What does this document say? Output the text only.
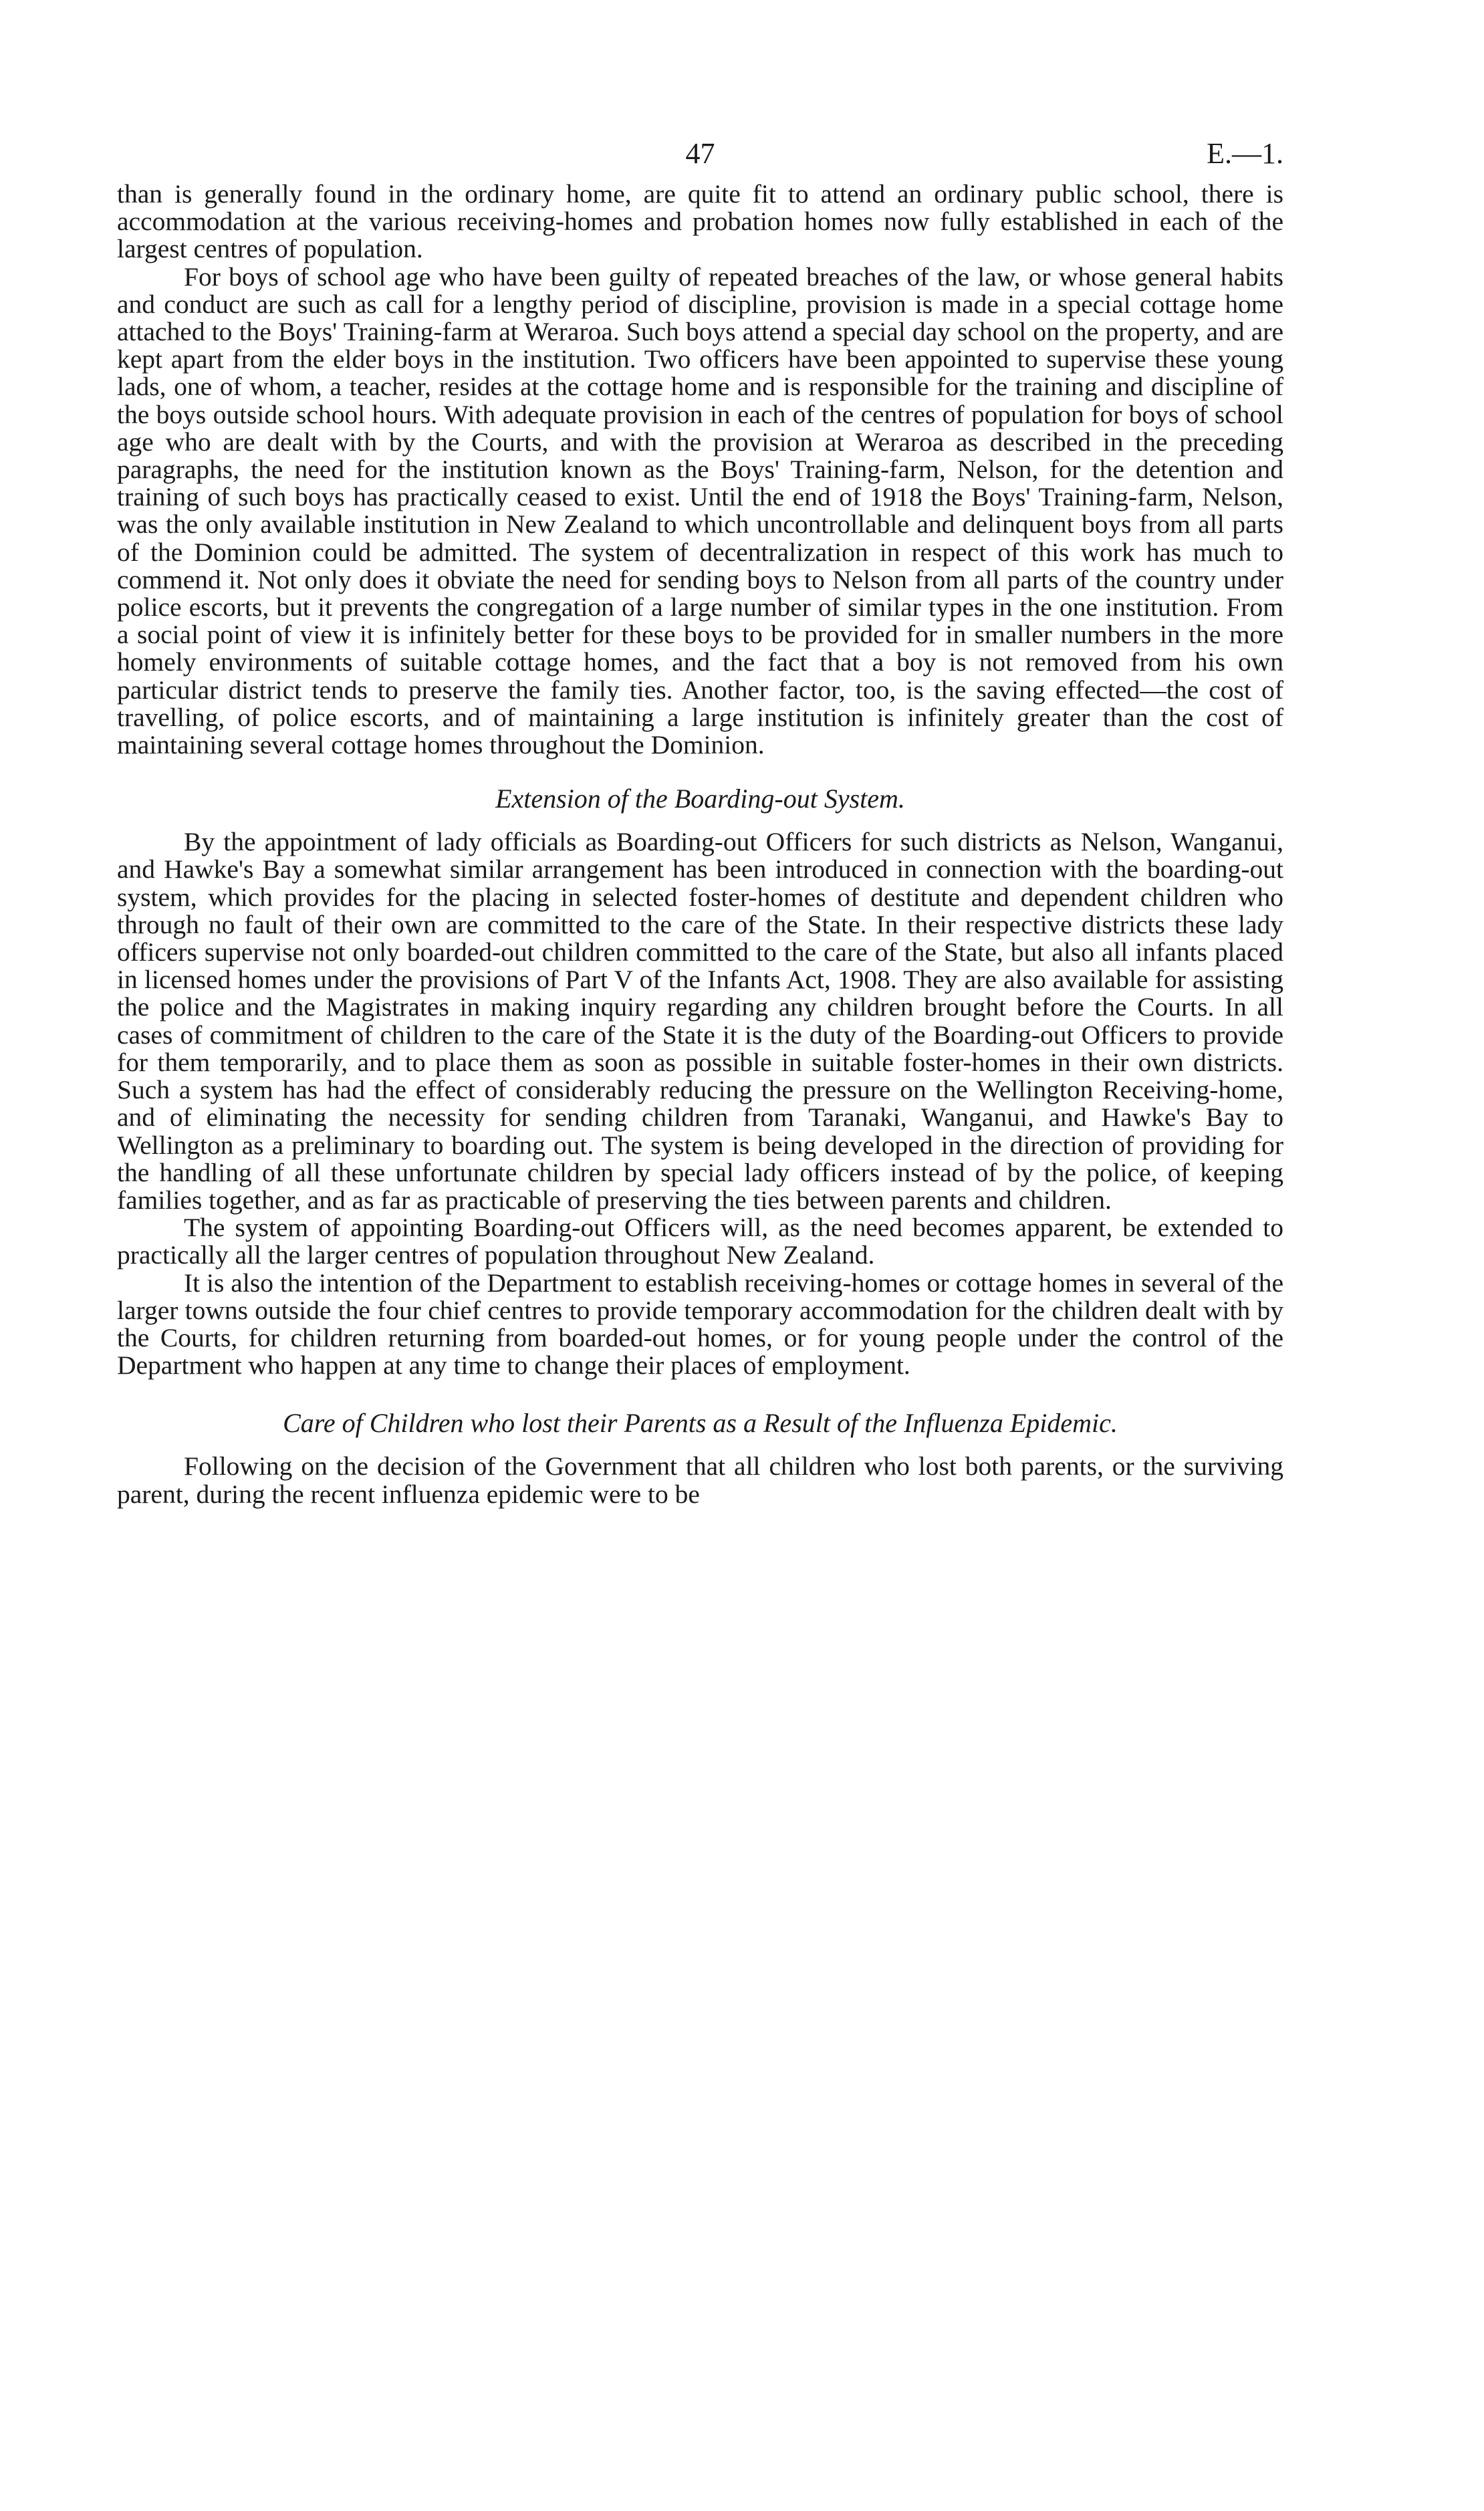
47	E.—1.

than is generally found in the ordinary home, are quite fit to attend an ordinary public school, there is accommodation at the various receiving-homes and probation homes now fully established in each of the largest centres of population.

For boys of school age who have been guilty of repeated breaches of the law, or whose general habits and conduct are such as call for a lengthy period of discipline, provision is made in a special cottage home attached to the Boys' Training-farm at Weraroa. Such boys attend a special day school on the property, and are kept apart from the elder boys in the institution. Two officers have been appointed to supervise these young lads, one of whom, a teacher, resides at the cottage home and is responsible for the training and discipline of the boys outside school hours. With adequate provision in each of the centres of population for boys of school age who are dealt with by the Courts, and with the provision at Weraroa as described in the preceding paragraphs, the need for the institution known as the Boys' Training-farm, Nelson, for the detention and training of such boys has practically ceased to exist. Until the end of 1918 the Boys' Training-farm, Nelson, was the only available institution in New Zealand to which uncontrollable and delinquent boys from all parts of the Dominion could be admitted. The system of decentralization in respect of this work has much to commend it. Not only does it obviate the need for sending boys to Nelson from all parts of the country under police escorts, but it prevents the congregation of a large number of similar types in the one institution. From a social point of view it is infinitely better for these boys to be provided for in smaller numbers in the more homely environments of suitable cottage homes, and the fact that a boy is not removed from his own particular district tends to preserve the family ties. Another factor, too, is the saving effected—the cost of travelling, of police escorts, and of maintaining a large institution is infinitely greater than the cost of maintaining several cottage homes throughout the Dominion.

Extension of the Boarding-out System.

By the appointment of lady officials as Boarding-out Officers for such districts as Nelson, Wanganui, and Hawke's Bay a somewhat similar arrangement has been introduced in connection with the boarding-out system, which provides for the placing in selected foster-homes of destitute and dependent children who through no fault of their own are committed to the care of the State. In their respective districts these lady officers supervise not only boarded-out children committed to the care of the State, but also all infants placed in licensed homes under the provisions of Part V of the Infants Act, 1908. They are also available for assisting the police and the Magistrates in making inquiry regarding any children brought before the Courts. In all cases of commitment of children to the care of the State it is the duty of the Boarding-out Officers to provide for them temporarily, and to place them as soon as possible in suitable foster-homes in their own districts. Such a system has had the effect of considerably reducing the pressure on the Wellington Receiving-home, and of eliminating the necessity for sending children from Taranaki, Wanganui, and Hawke's Bay to Wellington as a preliminary to boarding out. The system is being developed in the direction of providing for the handling of all these unfortunate children by special lady officers instead of by the police, of keeping families together, and as far as practicable of preserving the ties between parents and children.

The system of appointing Boarding-out Officers will, as the need becomes apparent, be extended to practically all the larger centres of population throughout New Zealand.

It is also the intention of the Department to establish receiving-homes or cottage homes in several of the larger towns outside the four chief centres to provide temporary accommodation for the children dealt with by the Courts, for children returning from boarded-out homes, or for young people under the control of the Department who happen at any time to change their places of employment.

Care of Children who lost their Parents as a Result of the Influenza Epidemic.

Following on the decision of the Government that all children who lost both parents, or the surviving parent, during the recent influenza epidemic were to be
